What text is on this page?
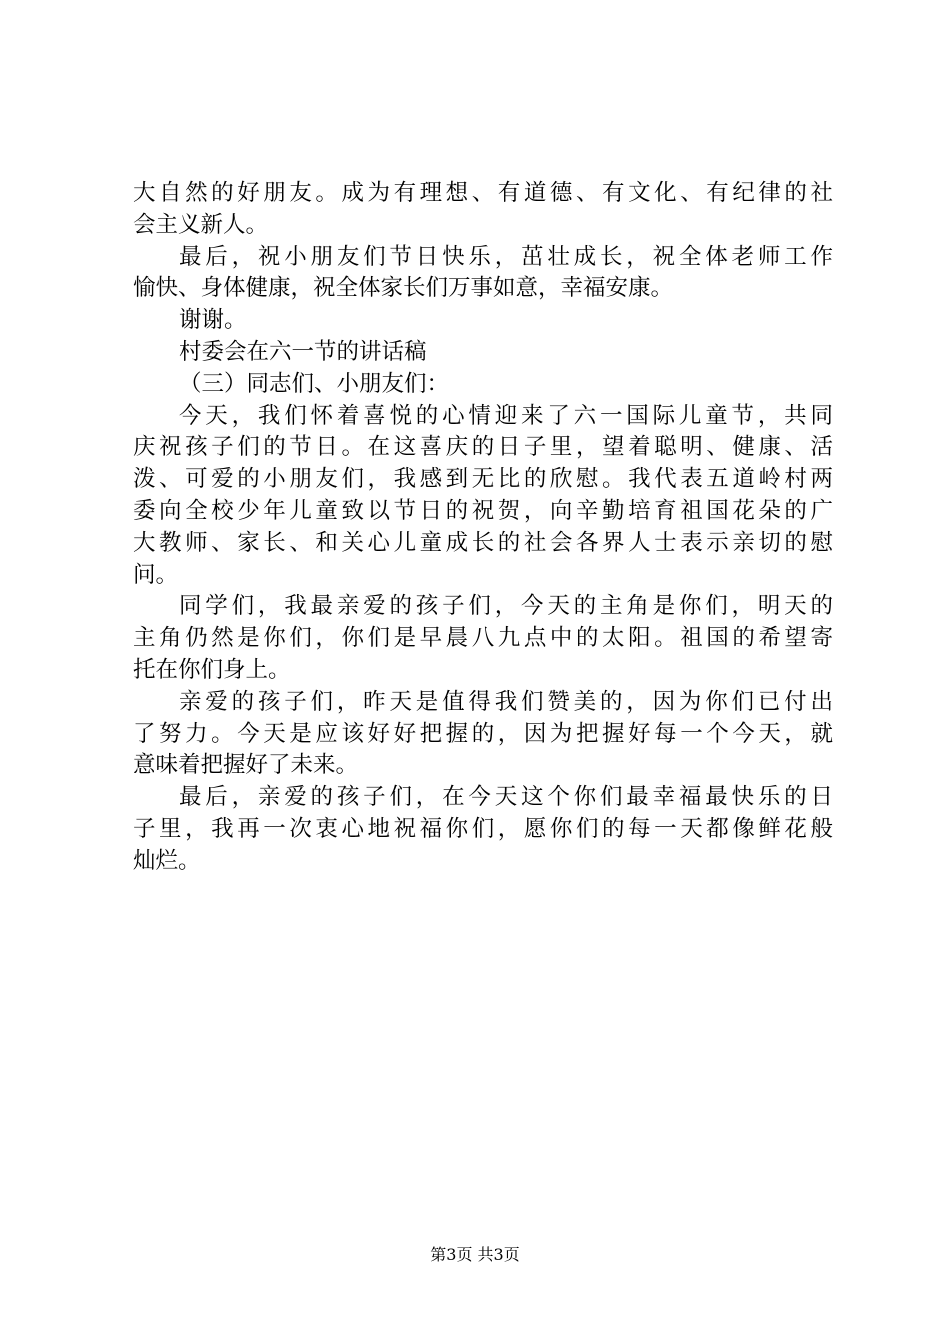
大自然的好朋友。成为有理想、有道德、有文化、有纪律的社
会主义新人。
最后，祝小朋友们节日快乐，茁壮成长，祝全体老师工作
愉快、身体健康，祝全体家长们万事如意，幸福安康。
谢谢。
村委会在六一节的讲话稿
（三）同志们、小朋友们：
今天，我们怀着喜悦的心情迎来了六一国际儿童节，共同
庆祝孩子们的节日。在这喜庆的日子里，望着聪明、健康、活
泼、可爱的小朋友们，我感到无比的欣慰。我代表五道岭村两
委向全校少年儿童致以节日的祝贺，向辛勤培育祖国花朵的广
大教师、家长、和关心儿童成长的社会各界人士表示亲切的慰
问。
同学们，我最亲爱的孩子们，今天的主角是你们，明天的
主角仍然是你们，你们是早晨八九点中的太阳。祖国的希望寄
托在你们身上。
亲爱的孩子们，昨天是值得我们赞美的，因为你们已付出
了努力。今天是应该好好把握的，因为把握好每一个今天，就
意味着把握好了未来。
最后，亲爱的孩子们，在今天这个你们最幸福最快乐的日
子里，我再一次衷心地祝福你们，愿你们的每一天都像鲜花般
灿烂。
第3页 共3页
